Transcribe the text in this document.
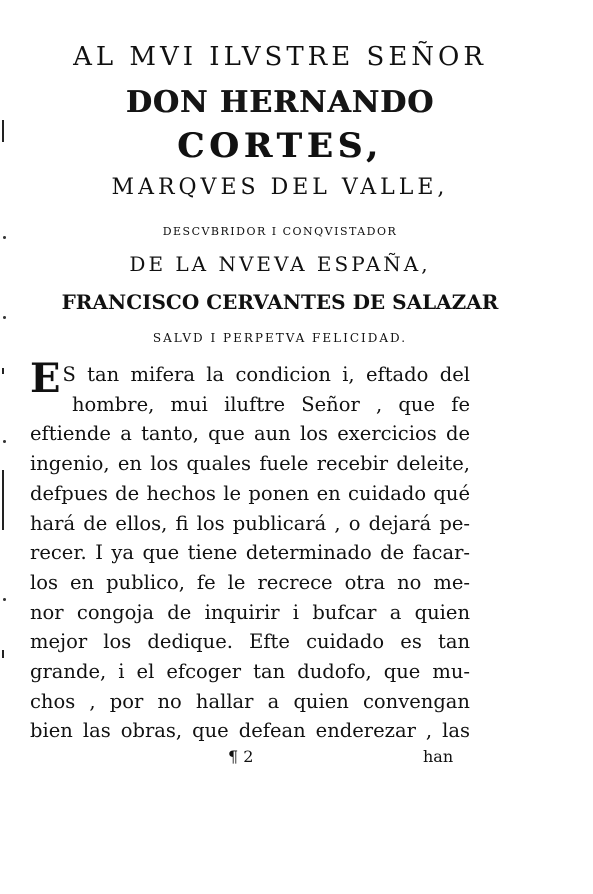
AL MVI ILVSTRE SEÑOR
DON HERNANDO
CORTES,
MARQVES DEL VALLE,
DESCVBRIDOR I CONQVISTADOR
DE LA NVEVA ESPAÑA,
FRANCISCO CERVANTES DE SALAZAR
SALVD I PERPETVA FELICIDAD.
E S tan mifera la condicion i, eftado del
hombre, mui iluftre Señor , que fe
eftiende a tanto, que aun los exercicios de
ingenio, en los quales fuele recebir deleite,
defpues de hechos le ponen en cuidado qué
hará de ellos, fi los publicará , o dejará pe-
recer. I ya que tiene determinado de facar-
los en publico, fe le recrece otra no me-
nor congoja de inquirir i bufcar a quien
mejor los dedique. Efte cuidado es tan
grande, i el efcoger tan dudofo, que mu-
chos , por no hallar a quien convengan
bien las obras, que defean enderezar , las
¶ 2	han
